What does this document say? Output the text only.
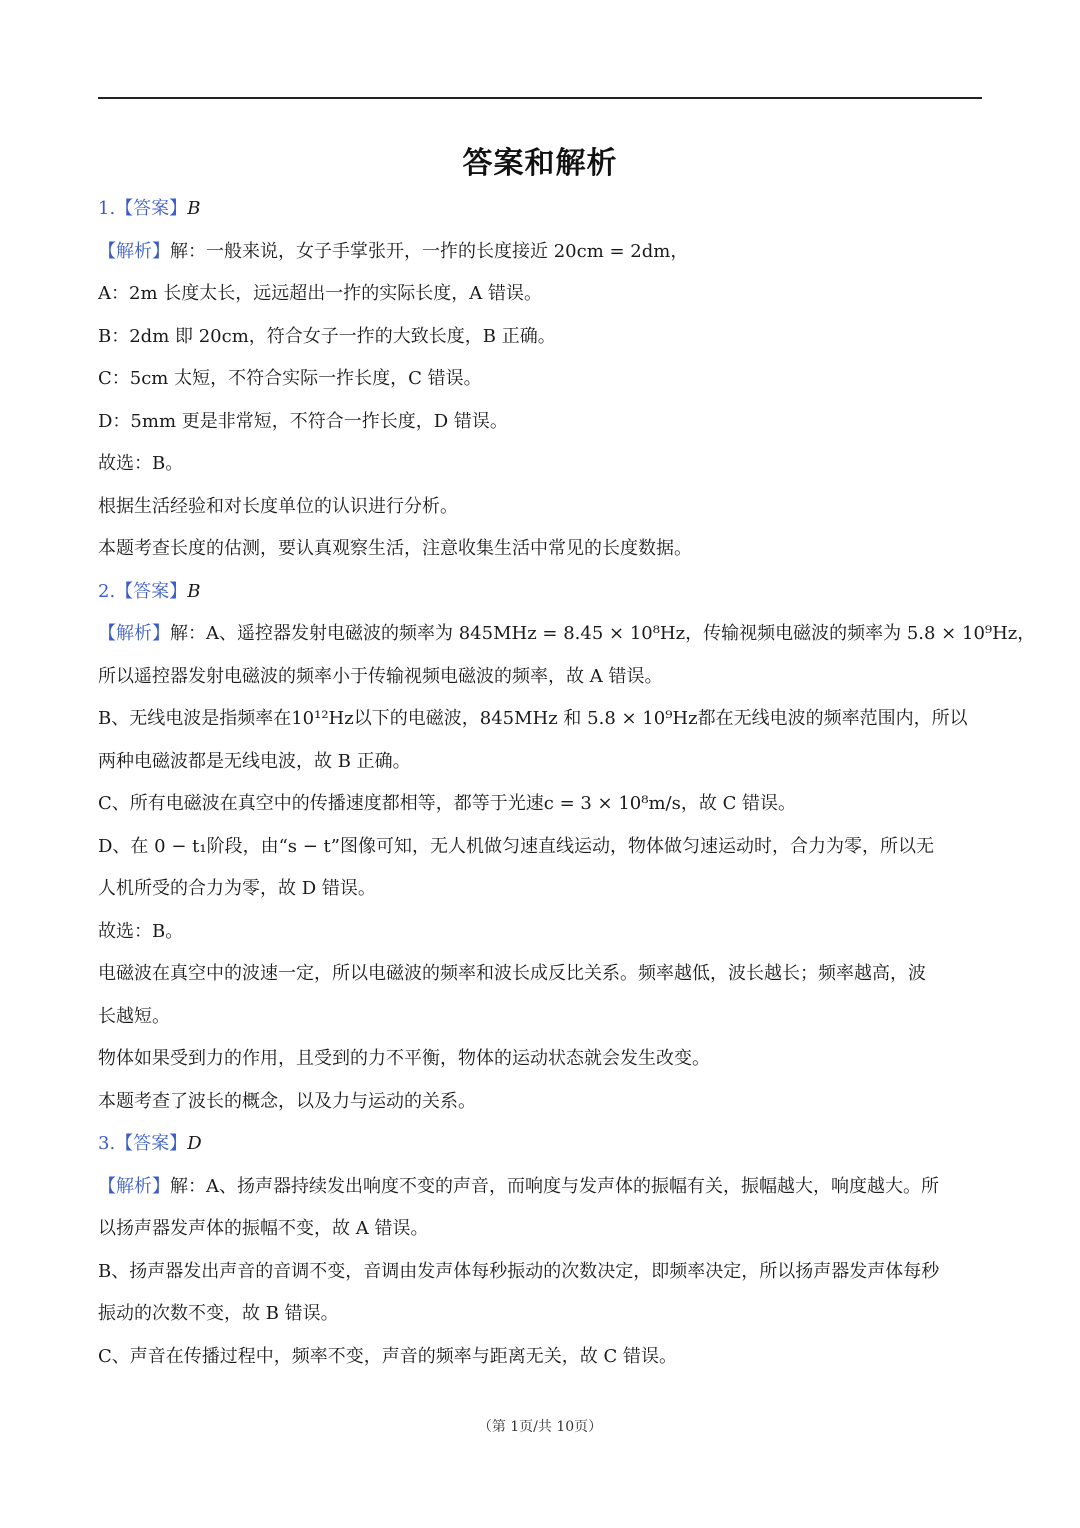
答案和解析
1.【答案】B
【解析】解：一般来说，女子手掌张开，一拃的长度接近 20cm = 2dm，
A：2m 长度太长，远远超出一拃的实际长度，A 错误。
B：2dm 即 20cm，符合女子一拃的大致长度，B 正确。
C：5cm 太短，不符合实际一拃长度，C 错误。
D：5mm 更是非常短，不符合一拃长度，D 错误。
故选：B。
根据生活经验和对长度单位的认识进行分析。
本题考查长度的估测，要认真观察生活，注意收集生活中常见的长度数据。
2.【答案】B
【解析】解：A、遥控器发射电磁波的频率为 845MHz = 8.45 × 10⁸Hz，传输视频电磁波的频率为 5.8 × 10⁹Hz，
所以遥控器发射电磁波的频率小于传输视频电磁波的频率，故 A 错误。
B、无线电波是指频率在10¹²Hz以下的电磁波，845MHz 和 5.8 × 10⁹Hz都在无线电波的频率范围内，所以
两种电磁波都是无线电波，故 B 正确。
C、所有电磁波在真空中的传播速度都相等，都等于光速c = 3 × 10⁸m/s，故 C 错误。
D、在 0 − t₁阶段，由“s − t”图像可知，无人机做匀速直线运动，物体做匀速运动时，合力为零，所以无
人机所受的合力为零，故 D 错误。
故选：B。
电磁波在真空中的波速一定，所以电磁波的频率和波长成反比关系。频率越低，波长越长；频率越高，波
长越短。
物体如果受到力的作用，且受到的力不平衡，物体的运动状态就会发生改变。
本题考查了波长的概念，以及力与运动的关系。
3.【答案】D
【解析】解：A、扬声器持续发出响度不变的声音，而响度与发声体的振幅有关，振幅越大，响度越大。所
以扬声器发声体的振幅不变，故 A 错误。
B、扬声器发出声音的音调不变，音调由发声体每秒振动的次数决定，即频率决定，所以扬声器发声体每秒
振动的次数不变，故 B 错误。
C、声音在传播过程中，频率不变，声音的频率与距离无关，故 C 错误。
（第 1页/共 10页）
